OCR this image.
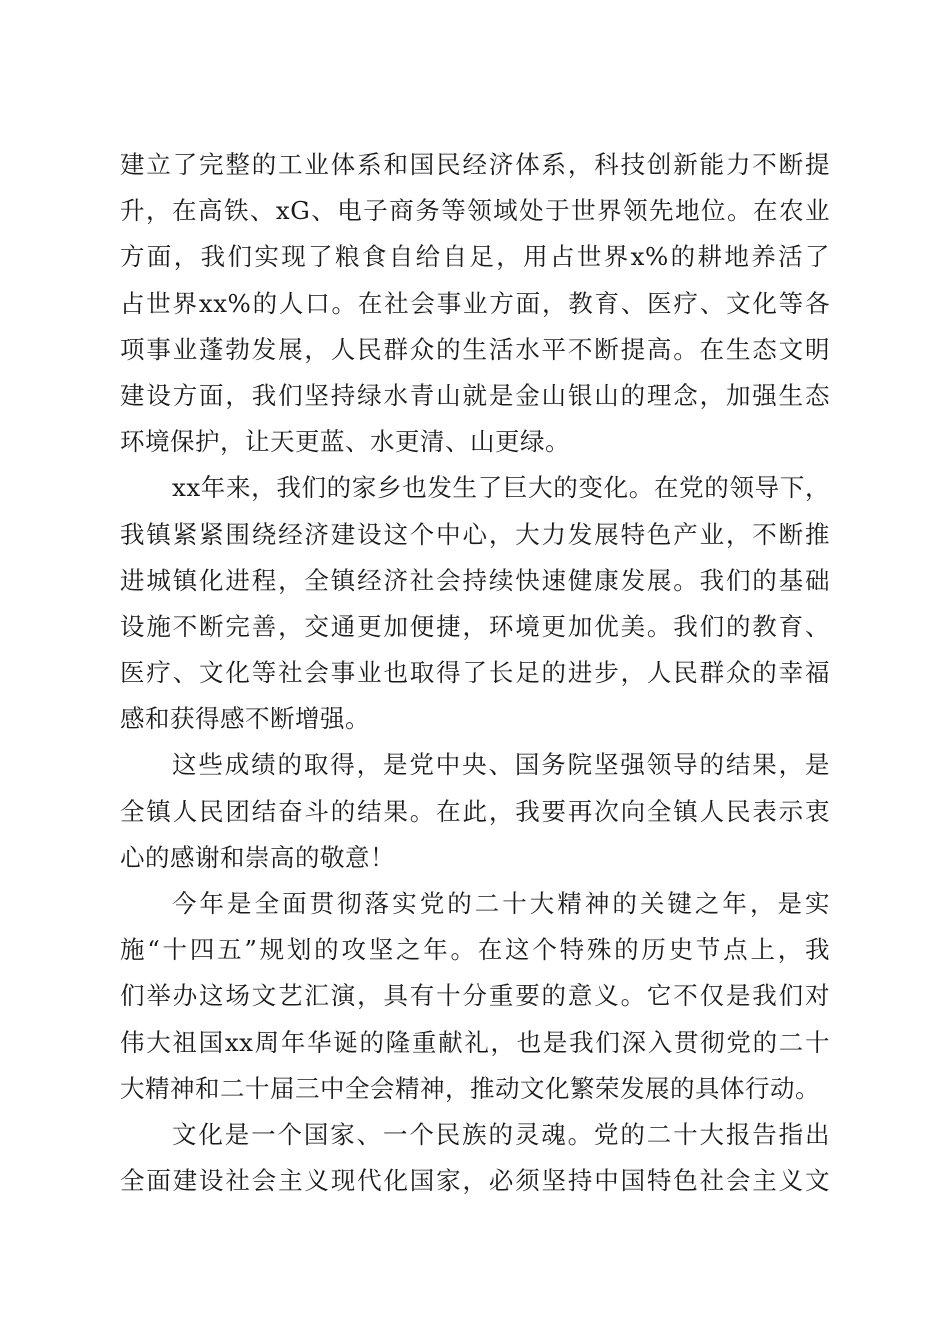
建立了完整的工业体系和国民经济体系，科技创新能力不断提
升，在高铁、xG、电子商务等领域处于世界领先地位。在农业
方面，我们实现了粮食自给自足，用占世界x%的耕地养活了
占世界xx%的人口。在社会事业方面，教育、医疗、文化等各
项事业蓬勃发展，人民群众的生活水平不断提高。在生态文明
建设方面，我们坚持绿水青山就是金山银山的理念，加强生态
环境保护，让天更蓝、水更清、山更绿。
xx年来，我们的家乡也发生了巨大的变化。在党的领导下，
我镇紧紧围绕经济建设这个中心，大力发展特色产业，不断推
进城镇化进程，全镇经济社会持续快速健康发展。我们的基础
设施不断完善，交通更加便捷，环境更加优美。我们的教育、
医疗、文化等社会事业也取得了长足的进步，人民群众的幸福
感和获得感不断增强。
这些成绩的取得，是党中央、国务院坚强领导的结果，是
全镇人民团结奋斗的结果。在此，我要再次向全镇人民表示衷
心的感谢和崇高的敬意！
今年是全面贯彻落实党的二十大精神的关键之年，是实
施“十四五”规划的攻坚之年。在这个特殊的历史节点上，我
们举办这场文艺汇演，具有十分重要的意义。它不仅是我们对
伟大祖国xx周年华诞的隆重献礼，也是我们深入贯彻党的二十
大精神和二十届三中全会精神，推动文化繁荣发展的具体行动。
文化是一个国家、一个民族的灵魂。党的二十大报告指出
全面建设社会主义现代化国家，必须坚持中国特色社会主义文
